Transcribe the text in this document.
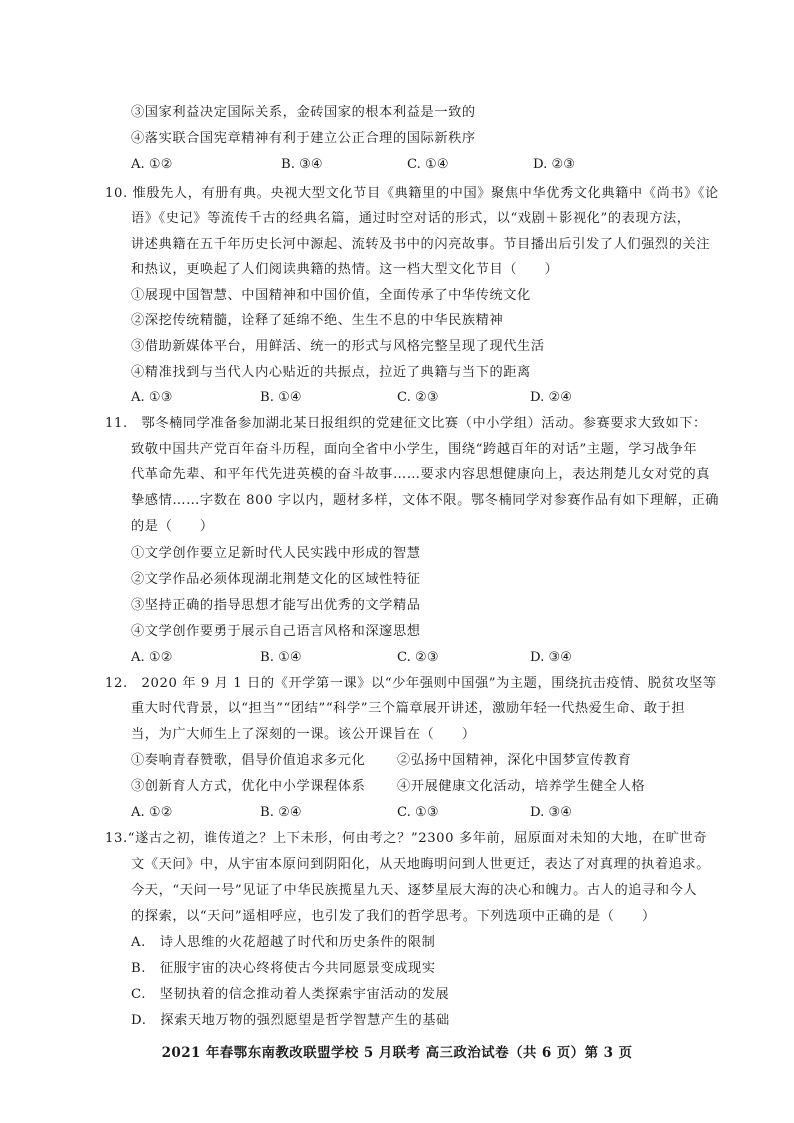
③国家利益决定国际关系，金砖国家的根本利益是一致的
④落实联合国宪章精神有利于建立公正合理的国际新秩序
A. ①②	B. ③④	C. ①④	D. ②③
10. 惟殷先人，有册有典。央视大型文化节目《典籍里的中国》聚焦中华优秀文化典籍中《尚书》《论
语》《史记》等流传千古的经典名篇，通过时空对话的形式，以“戏剧＋影视化”的表现方法，
讲述典籍在五千年历史长河中源起、流转及书中的闪亮故事。节目播出后引发了人们强烈的关注
和热议，更唤起了人们阅读典籍的热情。这一档大型文化节目（　　）
①展现中国智慧、中国精神和中国价值，全面传承了中华传统文化
②深挖传统精髓，诠释了延绵不绝、生生不息的中华民族精神
③借助新媒体平台，用鲜活、统一的形式与风格完整呈现了现代生活
④精准找到与当代人内心贴近的共振点，拉近了典籍与当下的距离
A. ①③	B. ①④	C. ②③	D. ②④
11.　鄂冬楠同学准备参加湖北某日报组织的党建征文比赛（中小学组）活动。参赛要求大致如下：
致敬中国共产党百年奋斗历程，面向全省中小学生，围绕“跨越百年的对话”主题，学习战争年
代革命先辈、和平年代先进英模的奋斗故事……要求内容思想健康向上，表达荆楚儿女对党的真
挚感情……字数在 800 字以内，题材多样，文体不限。鄂冬楠同学对参赛作品有如下理解，正确
的是（　　）
①文学创作要立足新时代人民实践中形成的智慧
②文学作品必须体现湖北荆楚文化的区域性特征
③坚持正确的指导思想才能写出优秀的文学精品
④文学创作要勇于展示自己语言风格和深邃思想
A. ①②	B. ①④	C. ②③	D. ③④
12.　2020 年 9 月 1 日的《开学第一课》以“少年强则中国强”为主题，围绕抗击疫情、脱贫攻坚等
重大时代背景，以“担当”“团结”“科学”三个篇章展开讲述，激励年轻一代热爱生命、敢于担
当，为广大师生上了深刻的一课。该公开课旨在（　　）
①奏响青春赞歌，倡导价值追求多元化 ②弘扬中国精神，深化中国梦宣传教育
③创新育人方式，优化中小学课程体系 ④开展健康文化活动，培养学生健全人格
A. ①②	B. ②④	C. ①③	D. ③④
13.“遂古之初，谁传道之？上下未形，何由考之？”2300 多年前，屈原面对未知的大地，在旷世奇
文《天问》中，从宇宙本原问到阴阳化，从天地晦明问到人世更迁，表达了对真理的执着追求。
今天，“天问一号”见证了中华民族揽星九天、逐梦星辰大海的决心和魄力。古人的追寻和今人
的探索，以“天问”遥相呼应，也引发了我们的哲学思考。下列选项中正确的是（　　）
A.　诗人思维的火花超越了时代和历史条件的限制
B.　征服宇宙的决心终将使古今共同愿景变成现实
C.　坚韧执着的信念推动着人类探索宇宙活动的发展
D.　探索天地万物的强烈愿望是哲学智慧产生的基础
2021 年春鄂东南教改联盟学校 5 月联考 高三政治试卷（共 6 页）第 3 页
